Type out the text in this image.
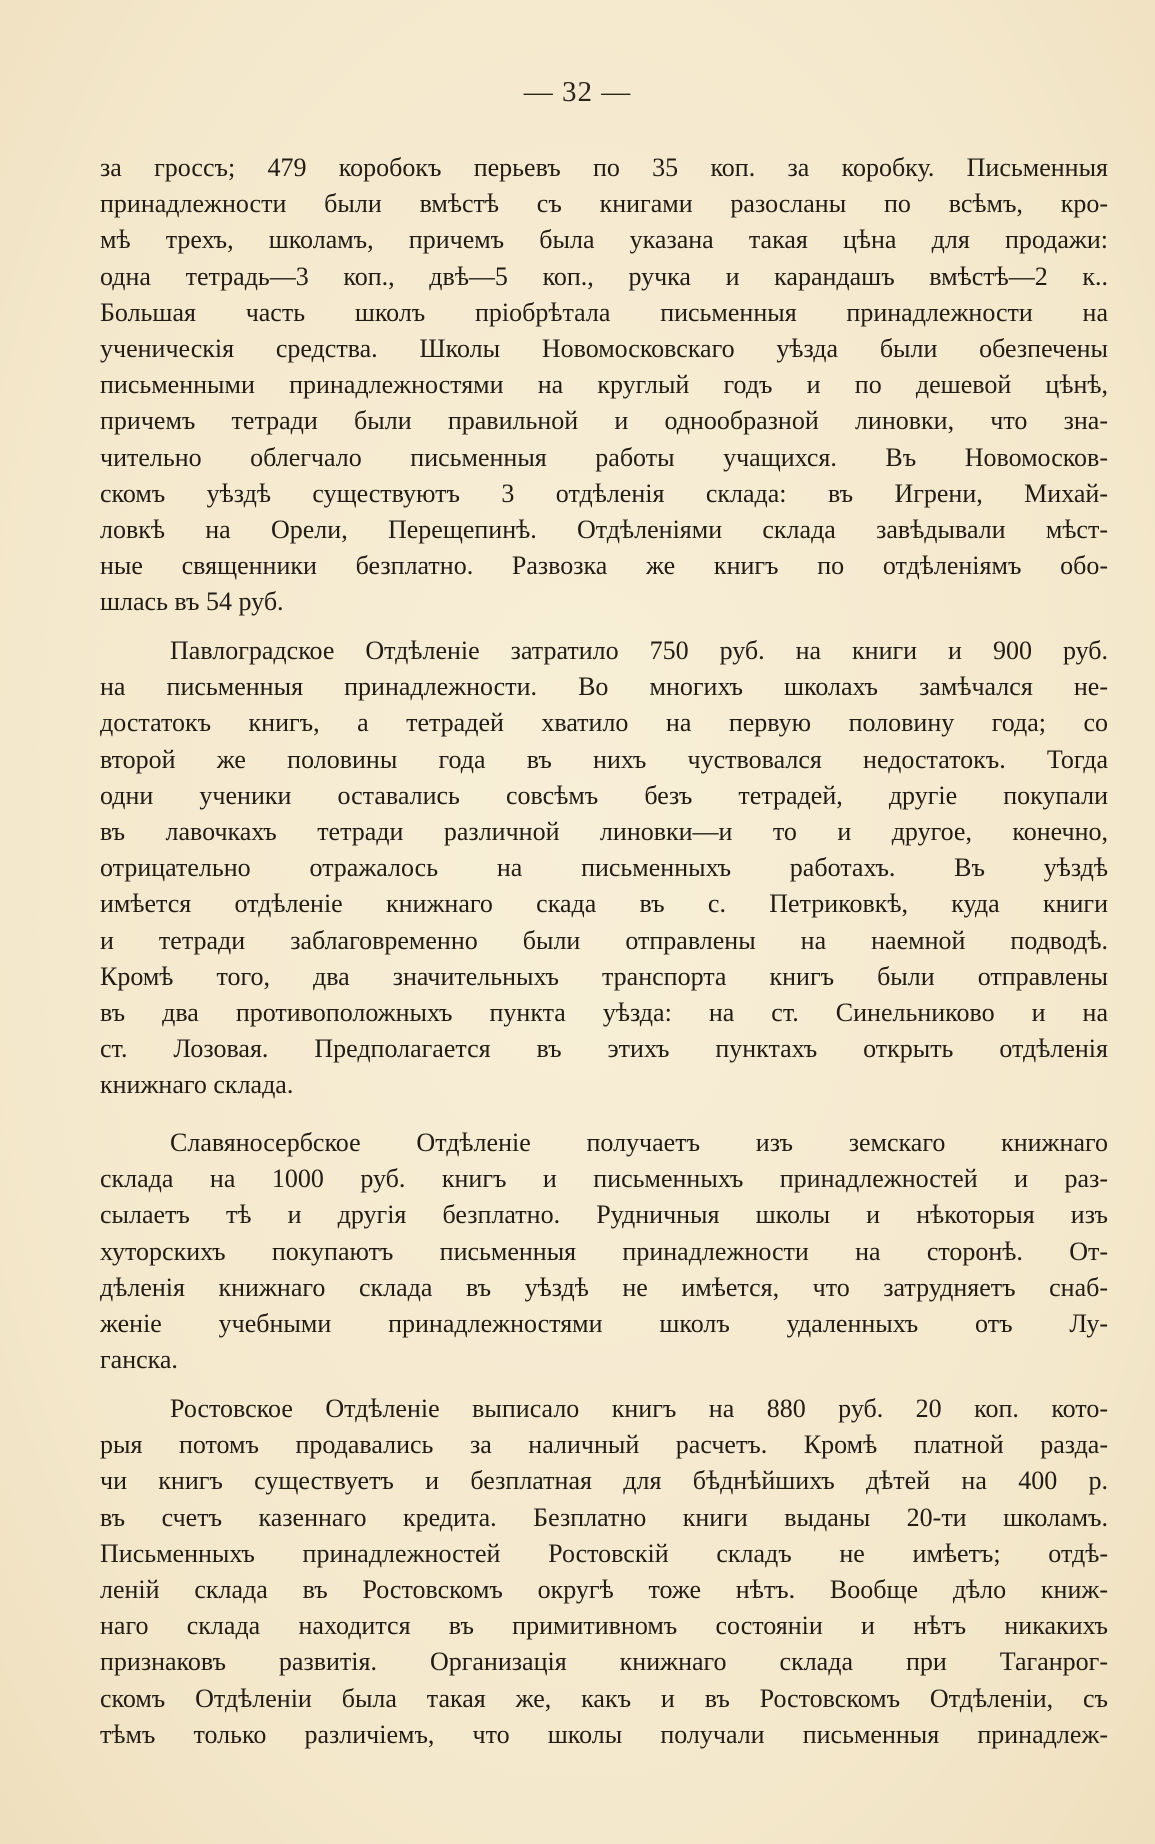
— 32 —

за гроссъ; 479 коробокъ перьевъ по 35 коп. за коробку. Письменныя
принадлежности были вмѣстѣ съ книгами разосланы по всѣмъ, кро-
мѣ трехъ, школамъ, причемъ была указана такая цѣна для продажи:
одна тетрадь—3 коп., двѣ—5 коп., ручка и карандашъ вмѣстѣ—2 к..
Большая часть школъ пріобрѣтала письменныя принадлежности на
ученическія средства. Школы Новомосковскаго уѣзда были обезпечены
письменными принадлежностями на круглый годъ и по дешевой цѣнѣ,
причемъ тетради были правильной и однообразной линовки, что зна-
чительно облегчало письменныя работы учащихся. Въ Новомосков-
скомъ уѣздѣ существуютъ 3 отдѣленія склада: въ Игрени, Михай-
ловкѣ на Орели, Перещепинѣ. Отдѣленіями склада завѣдывали мѣст-
ные священники безплатно. Развозка же книгъ по отдѣленіямъ обо-
шлась въ 54 руб.

Павлоградское Отдѣленіе затратило 750 руб. на книги и 900 руб.
на письменныя принадлежности. Во многихъ школахъ замѣчался не-
достатокъ книгъ, а тетрадей хватило на первую половину года; со
второй же половины года въ нихъ чуствовался недостатокъ. Тогда
одни ученики оставались совсѣмъ безъ тетрадей, другіе покупали
въ лавочкахъ тетради различной линовки—и то и другое, конечно,
отрицательно отражалось на письменныхъ работахъ. Въ уѣздѣ
имѣется отдѣленіе книжнаго скада въ с. Петриковкѣ, куда книги
и тетради заблаговременно были отправлены на наемной подводѣ.
Кромѣ того, два значительныхъ транспорта книгъ были отправлены
въ два противоположныхъ пункта уѣзда: на ст. Синельниково и на
ст. Лозовая. Предполагается въ этихъ пунктахъ открыть отдѣленія
книжнаго склада.

Славяносербское Отдѣленіе получаетъ изъ земскаго книжнаго
склада на 1000 руб. книгъ и письменныхъ принадлежностей и раз-
сылаетъ тѣ и другія безплатно. Рудничныя школы и нѣкоторыя изъ
хуторскихъ покупаютъ письменныя принадлежности на сторонѣ. От-
дѣленія книжнаго склада въ уѣздѣ не имѣется, что затрудняетъ снаб-
женіе учебными принадлежностями школъ удаленныхъ отъ Лу-
ганска.

Ростовское Отдѣленіе выписало книгъ на 880 руб. 20 коп. кото-
рыя потомъ продавались за наличный расчетъ. Кромѣ платной разда-
чи книгъ существуетъ и безплатная для бѣднѣйшихъ дѣтей на 400 р.
въ счетъ казеннаго кредита. Безплатно книги выданы 20-ти школамъ.
Письменныхъ принадлежностей Ростовскій складъ не имѣетъ; отдѣ-
леній склада въ Ростовскомъ округѣ тоже нѣтъ. Вообще дѣло книж-
наго склада находится въ примитивномъ состояніи и нѣтъ никакихъ
признаковъ развитія. Организація книжнаго склада при Таганрог-
скомъ Отдѣленіи была такая же, какъ и въ Ростовскомъ Отдѣленіи, съ
тѣмъ только различіемъ, что школы получали письменныя принадлеж-
